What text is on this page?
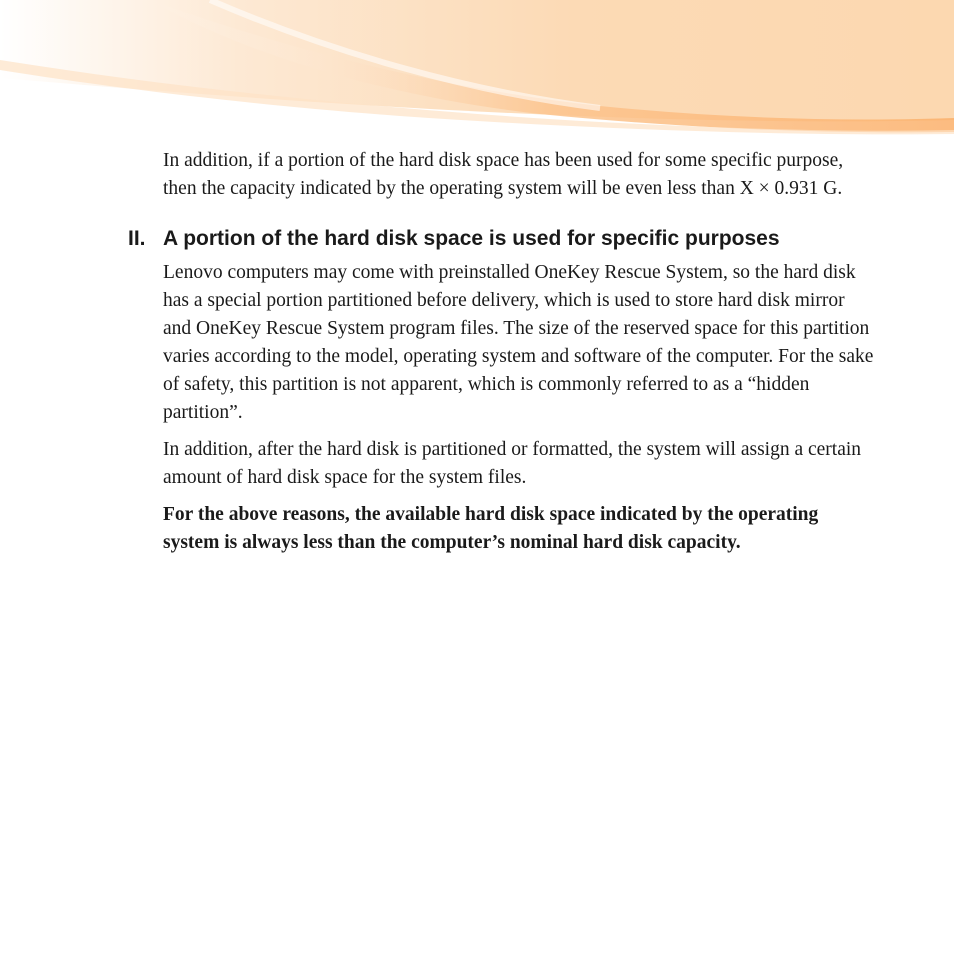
In addition, if a portion of the hard disk space has been used for some specific purpose, then the capacity indicated by the operating system will be even less than X × 0.931 G.

II. A portion of the hard disk space is used for specific purposes

Lenovo computers may come with preinstalled OneKey Rescue System, so the hard disk has a special portion partitioned before delivery, which is used to store hard disk mirror and OneKey Rescue System program files. The size of the reserved space for this partition varies according to the model, operating system and software of the computer. For the sake of safety, this partition is not apparent, which is commonly referred to as a “hidden partition”.

In addition, after the hard disk is partitioned or formatted, the system will assign a certain amount of hard disk space for the system files.

For the above reasons, the available hard disk space indicated by the operating system is always less than the computer’s nominal hard disk capacity.
